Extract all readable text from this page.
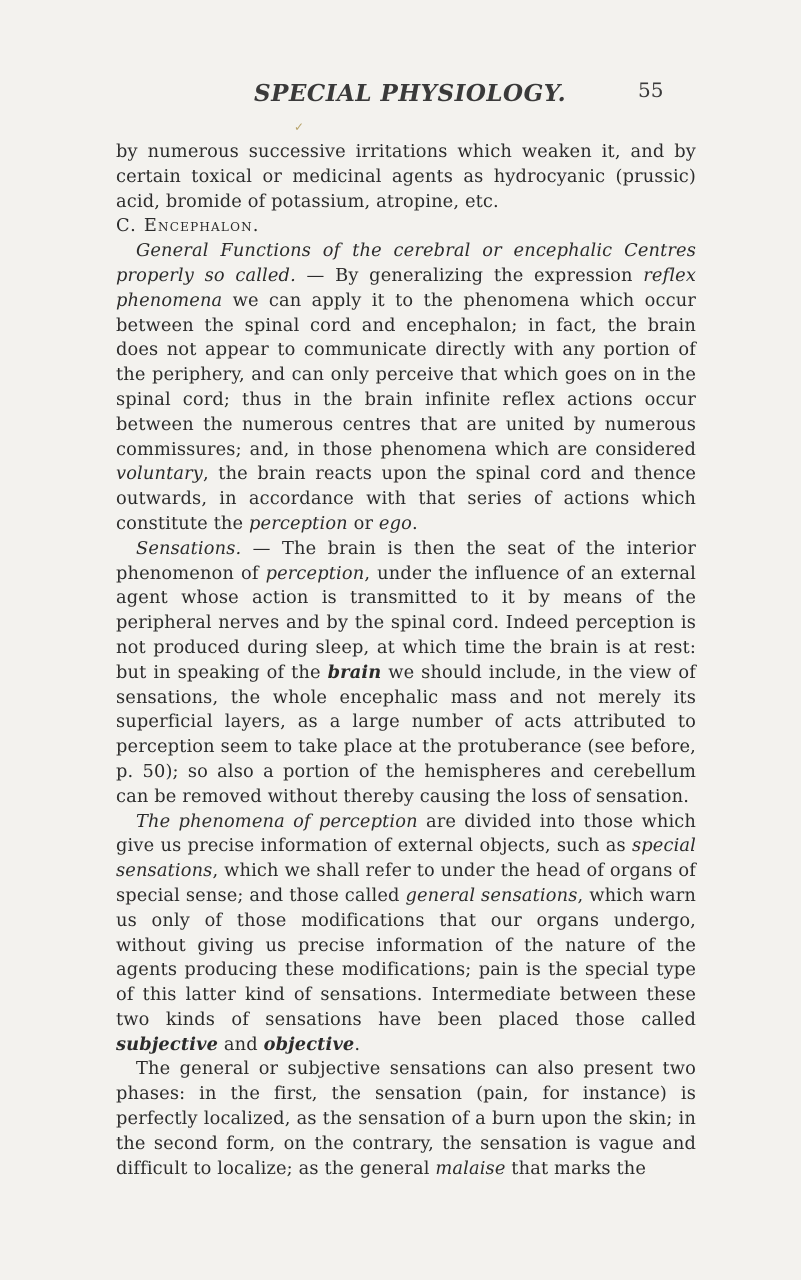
SPECIAL PHYSIOLOGY.	55

by numerous successive irritations which weaken it, and by certain toxical or medicinal agents as hydrocyanic (prussic) acid, bromide of potassium, atropine, etc.

C. Encephalon.

General Functions of the cerebral or encephalic Centres properly so called. — By generalizing the expression reflex phenomena we can apply it to the phenomena which occur between the spinal cord and encephalon; in fact, the brain does not appear to communicate directly with any portion of the periphery, and can only perceive that which goes on in the spinal cord; thus in the brain infinite reflex actions occur between the numerous centres that are united by numerous commissures; and, in those phenomena which are considered voluntary, the brain reacts upon the spinal cord and thence outwards, in accordance with that series of actions which constitute the perception or ego.

Sensations. — The brain is then the seat of the interior phenomenon of perception, under the influence of an external agent whose action is transmitted to it by means of the peripheral nerves and by the spinal cord. Indeed perception is not produced during sleep, at which time the brain is at rest: but in speaking of the brain we should include, in the view of sensations, the whole encephalic mass and not merely its superficial layers, as a large number of acts attributed to perception seem to take place at the protuberance (see before, p. 50); so also a portion of the hemispheres and cerebellum can be removed without thereby causing the loss of sensation.

The phenomena of perception are divided into those which give us precise information of external objects, such as special sensations, which we shall refer to under the head of organs of special sense; and those called general sensations, which warn us only of those modifications that our organs undergo, without giving us precise information of the nature of the agents producing these modifications; pain is the special type of this latter kind of sensations. Intermediate between these two kinds of sensations have been placed those called subjective and objective.

The general or subjective sensations can also present two phases: in the first, the sensation (pain, for instance) is perfectly localized, as the sensation of a burn upon the skin; in the second form, on the contrary, the sensation is vague and difficult to localize; as the general malaise that marks the

✓
